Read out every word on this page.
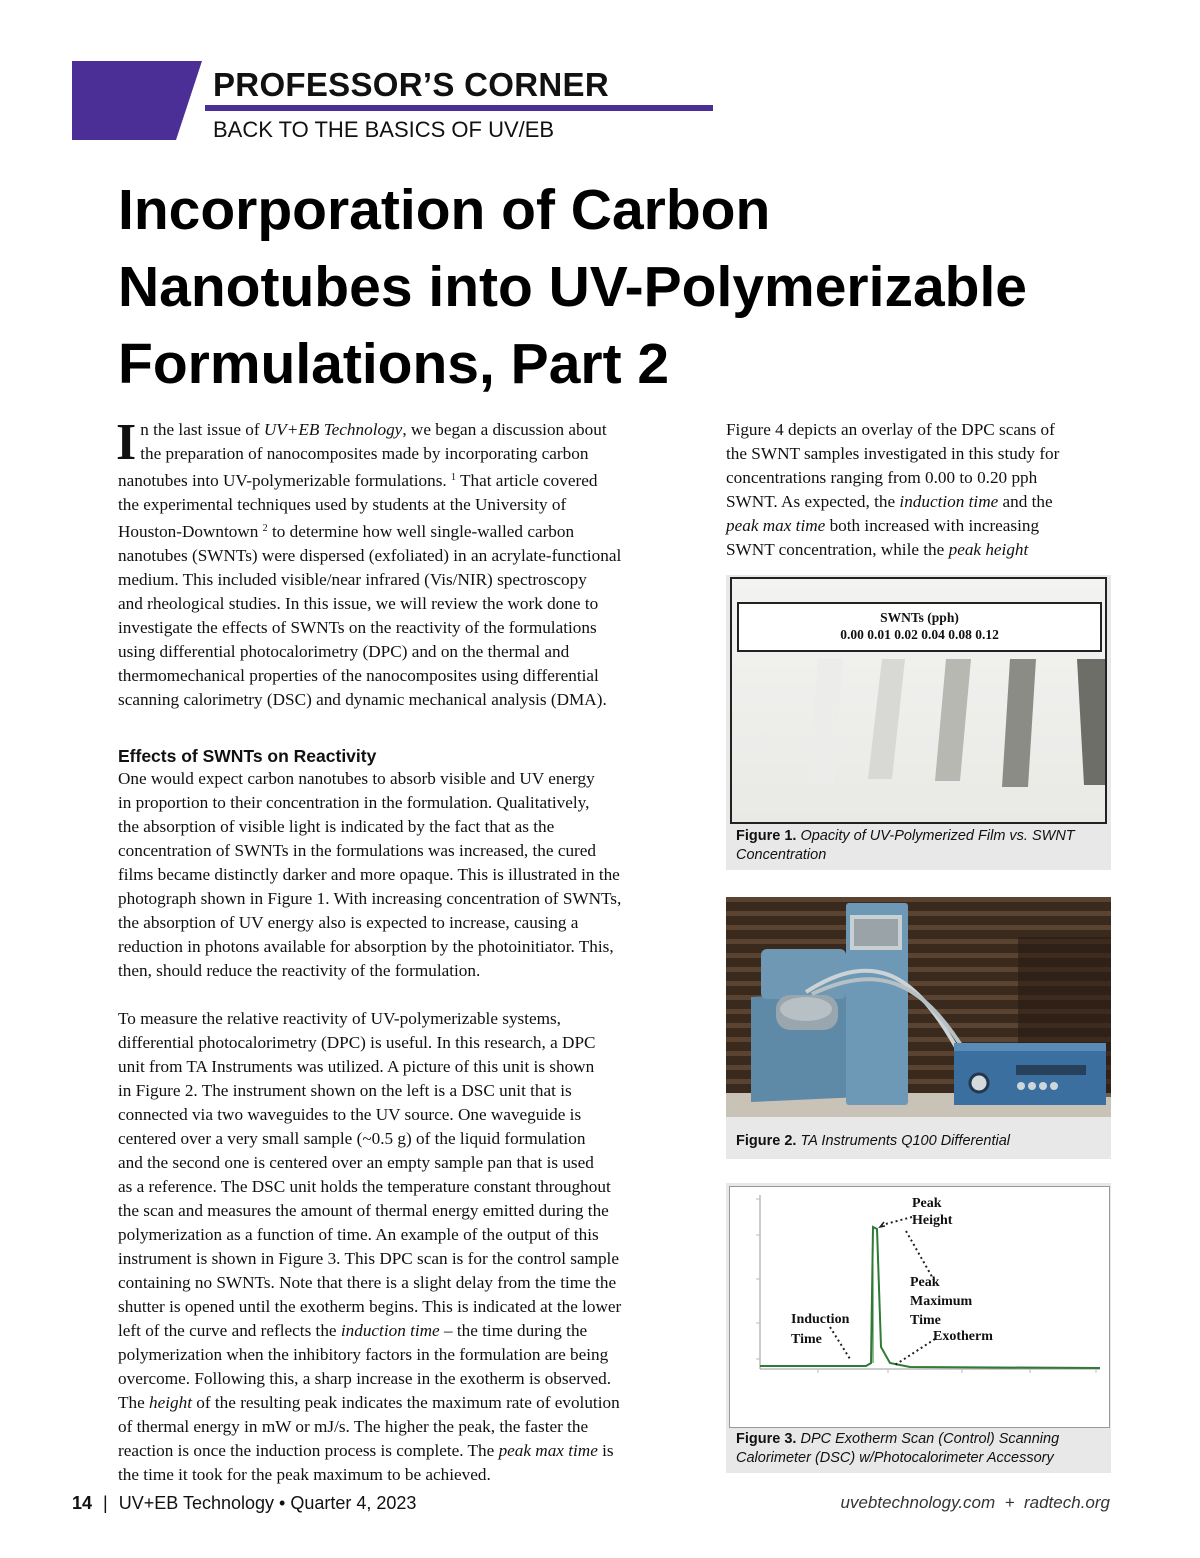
PROFESSOR’S CORNER
BACK TO THE BASICS OF UV/EB
Incorporation of Carbon
Nanotubes into UV-Polymerizable
Formulations, Part 2

I n the last issue of UV+EB Technology, we began a discussion about
the preparation of nanocomposites made by incorporating carbon
nanotubes into UV-polymerizable formulations. $^1$ That article covered
the experimental techniques used by students at the University of
Houston-Downtown $^2$ to determine how well single-walled carbon
nanotubes (SWNTs) were dispersed (exfoliated) in an acrylate-functional
medium. This included visible/near infrared (Vis/NIR) spectroscopy
and rheological studies. In this issue, we will review the work done to
investigate the effects of SWNTs on the reactivity of the formulations
using differential photocalorimetry (DPC) and on the thermal and
thermomechanical properties of the nanocomposites using differential
scanning calorimetry (DSC) and dynamic mechanical analysis (DMA).

Effects of SWNTs on Reactivity

One would expect carbon nanotubes to absorb visible and UV energy
in proportion to their concentration in the formulation. Qualitatively,
the absorption of visible light is indicated by the fact that as the
concentration of SWNTs in the formulations was increased, the cured
films became distinctly darker and more opaque. This is illustrated in the
photograph shown in Figure 1. With increasing concentration of SWNTs,
the absorption of UV energy also is expected to increase, causing a
reduction in photons available for absorption by the photoinitiator. This,
then, should reduce the reactivity of the formulation.

To measure the relative reactivity of UV-polymerizable systems,
differential photocalorimetry (DPC) is useful. In this research, a DPC
unit from TA Instruments was utilized. A picture of this unit is shown
in Figure 2. The instrument shown on the left is a DSC unit that is
connected via two waveguides to the UV source. One waveguide is
centered over a very small sample (~0.5 g) of the liquid formulation
and the second one is centered over an empty sample pan that is used
as a reference. The DSC unit holds the temperature constant throughout
the scan and measures the amount of thermal energy emitted during the
polymerization as a function of time. An example of the output of this
instrument is shown in Figure 3. This DPC scan is for the control sample
containing no SWNTs. Note that there is a slight delay from the time the
shutter is opened until the exotherm begins. This is indicated at the lower
left of the curve and reflects the induction time – the time during the
polymerization when the inhibitory factors in the formulation are being
overcome. Following this, a sharp increase in the exotherm is observed.
The height of the resulting peak indicates the maximum rate of evolution
of thermal energy in mW or mJ/s. The higher the peak, the faster the
reaction is once the induction process is complete. The peak max time is
the time it took for the peak maximum to be achieved.

Figure 4 depicts an overlay of the DPC scans of
the SWNT samples investigated in this study for
concentrations ranging from 0.00 to 0.20 pph
SWNT. As expected, the induction time and the
peak max time both increased with increasing
SWNT concentration, while the peak height

SWNTs (pph)
0.00 0.01 0.02 0.04 0.08 0.12
Figure 1. Opacity of UV-Polymerized Film vs. SWNT Concentration
Figure 2. TA Instruments Q100 Differential
Peak
Height
Peak
Maximum
Time
Induction
Time	Exotherm
Figure 3. DPC Exotherm Scan (Control) Scanning Calorimeter (DSC) w/Photocalorimeter Accessory
14 | UV+EB Technology • Quarter 4, 2023	uvebtechnology.com  +  radtech.org
